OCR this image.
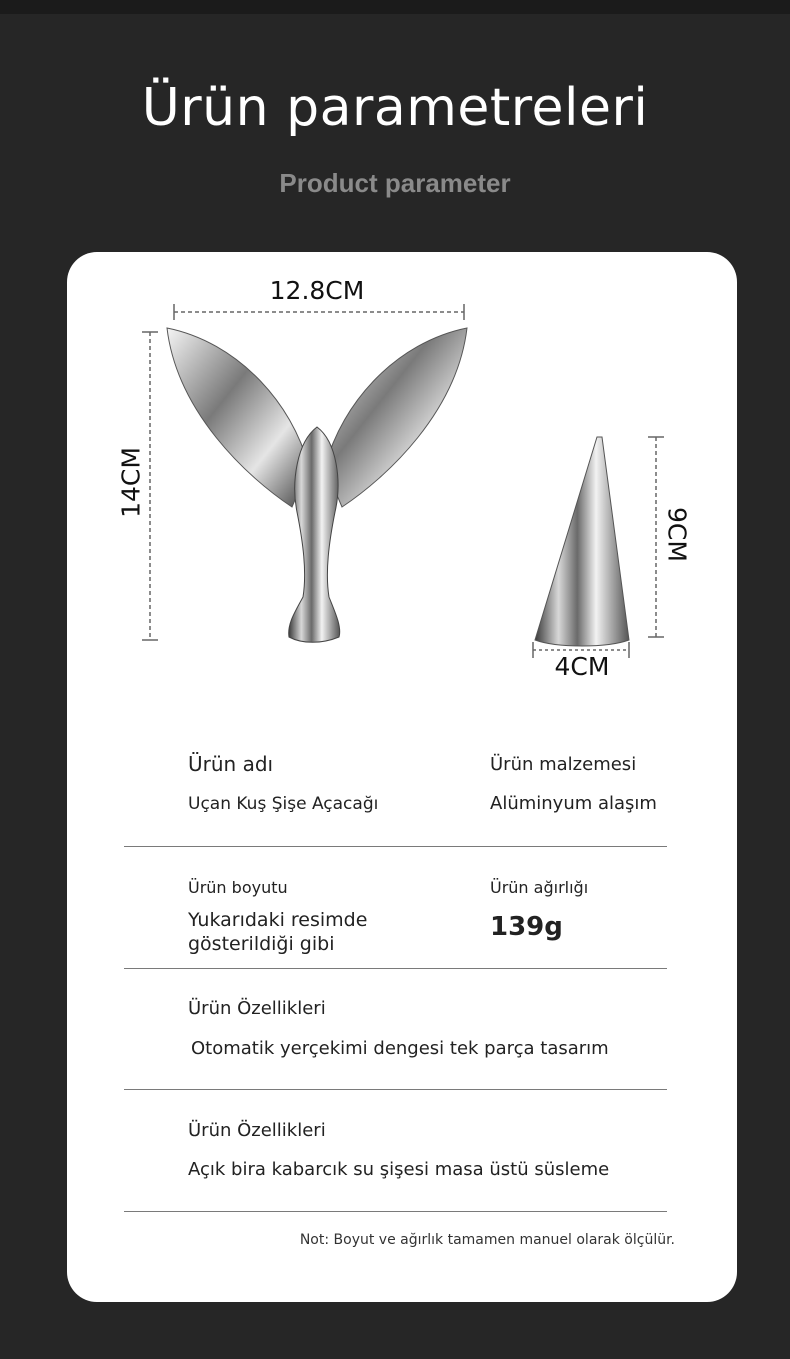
Ürün parametreleri
Product parameter
12.8CM
14CM
4CM
9CM
Ürün adı
Uçan Kuş Şişe Açacağı
Ürün malzemesi
Alüminyum alaşım
Ürün boyutu
Yukarıdaki resimde
gösterildiği gibi
Ürün ağırlığı
139g
Ürün Özellikleri
Otomatik yerçekimi dengesi tek parça tasarım
Ürün Özellikleri
Açık bira kabarcık su şişesi masa üstü süsleme
Not: Boyut ve ağırlık tamamen manuel olarak ölçülür.
